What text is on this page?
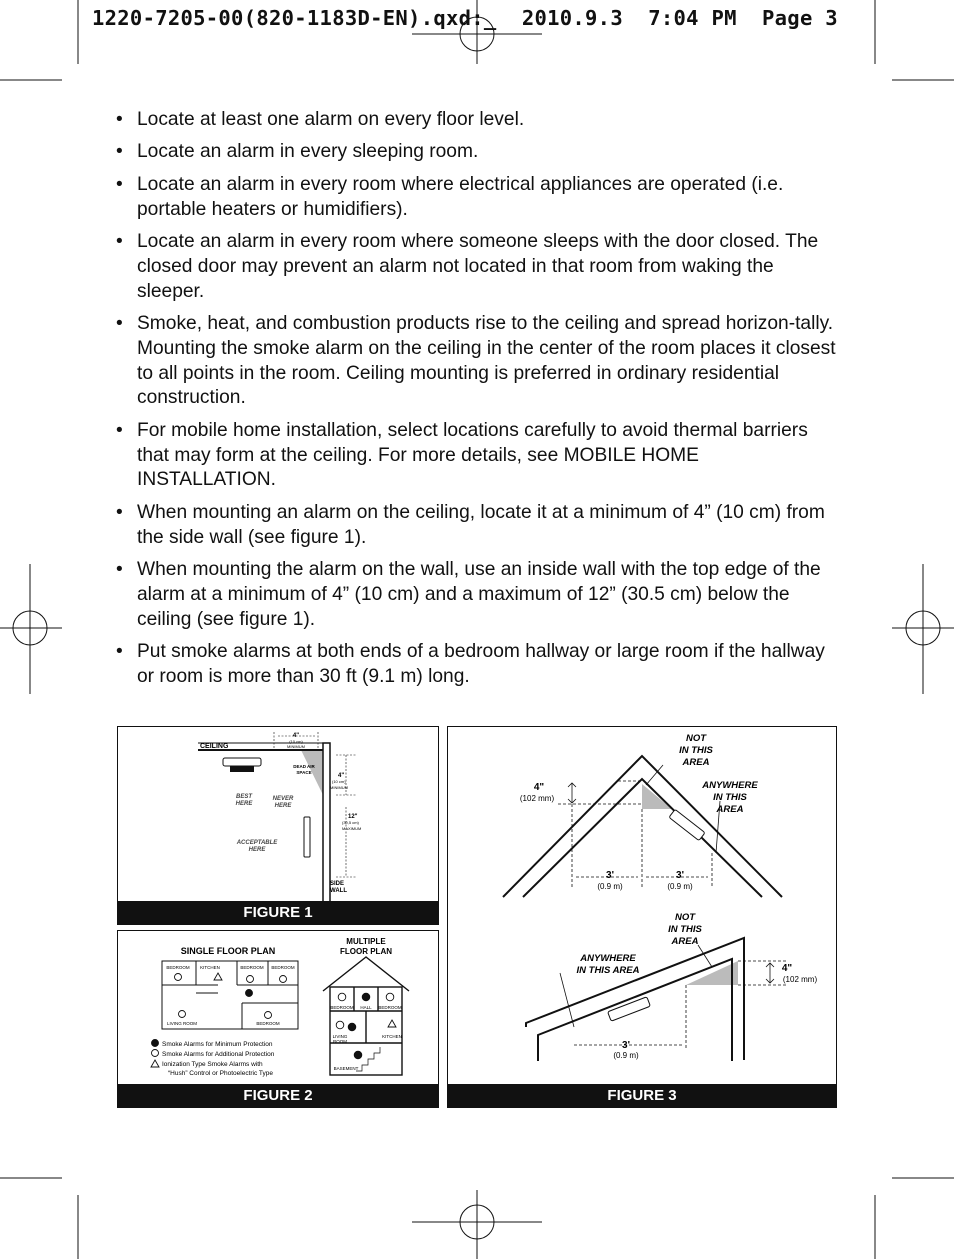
1220-7205-00(820-1183D-EN).qxd:_  2010.9.3  7:04 PM  Page 3
• Locate at least one alarm on every floor level.
• Locate an alarm in every sleeping room.
• Locate an alarm in every room where electrical appliances are operated (i.e. portable heaters or humidifiers).
• Locate an alarm in every room where someone sleeps with the door closed. The closed door may prevent an alarm not located in that room from waking the sleeper.
• Smoke, heat, and combustion products rise to the ceiling and spread horizon-tally. Mounting the smoke alarm on the ceiling in the center of the room places it closest to all points in the room. Ceiling mounting is preferred in ordinary residential construction.
• For mobile home installation, select locations carefully to avoid thermal barriers that may form at the ceiling. For more details, see MOBILE HOME INSTALLATION.
• When mounting an alarm on the ceiling, locate it at a minimum of 4” (10 cm) from the side wall (see figure 1).
• When mounting the alarm on the wall, use an inside wall with the top edge of the alarm at a minimum of 4” (10 cm) and a maximum of 12” (30.5 cm) below the ceiling (see figure 1).
• Put smoke alarms at both ends of a bedroom hallway or large room if the hallway or room is more than 30 ft (9.1 m) long.
CEILING
4"
(10 cm)
MINIMUM
DEAD AIR
SPACE
4"
(10 cm)
MINIMUM
12"
(30,5 cm)
MAXIMUM
BEST
HERE
NEVER
HERE
ACCEPTABLE
HERE
SIDE
WALL
FIGURE 1
SINGLE FLOOR PLAN
BEDROOM KITCHEN	BEDROOM BEDROOM
LIVING ROOM	BEDROOM
MULTIPLE
FLOOR PLAN
BEDROOM HALL BEDROOM
LIVING
ROOM
KITCHEN
BASEMENT
Smoke Alarms for Minimum Protection
Smoke Alarms for Additional Protection
Ionization Type Smoke Alarms with
“Hush” Control or Photoelectric Type
FIGURE 2
NOT
IN THIS
AREA
ANYWHERE
IN THIS
AREA
4"
(102 mm)
3'
(0.9 m)
3'
(0.9 m)
NOT
IN THIS
AREA
ANYWHERE
IN THIS AREA	4"
(102 mm)
3'
(0.9 m)
FIGURE 3
